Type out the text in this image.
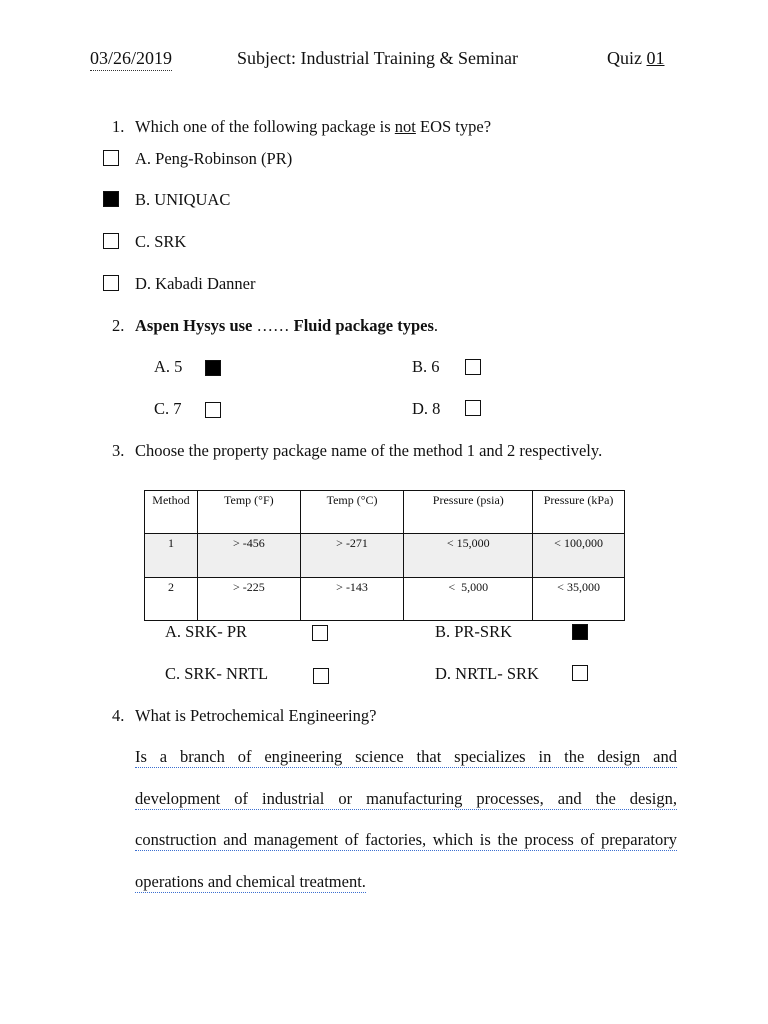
03/26/2019	Subject: Industrial Training & Seminar	Quiz 01
1. Which one of the following package is not EOS type?
A. Peng-Robinson (PR)
B. UNIQUAC
C. SRK
D. Kabadi Danner
2. Aspen Hysys use …… Fluid package types.
A. 5	B. 6
C. 7	D. 8
3. Choose the property package name of the method 1 and 2 respectively.
Method	Temp (°F)	Temp (°C)	Pressure (psia)	Pressure (kPa)
1	> -456	> -271	< 15,000	< 100,000
2	> -225	> -143	<  5,000	< 35,000
A. SRK- PR	B. PR-SRK
C. SRK- NRTL	D. NRTL- SRK
4. What is Petrochemical Engineering?
Is a branch of engineering science that specializes in the design and
development of industrial or manufacturing processes, and the design,
construction and management of factories, which is the process of preparatory
operations and chemical treatment.
